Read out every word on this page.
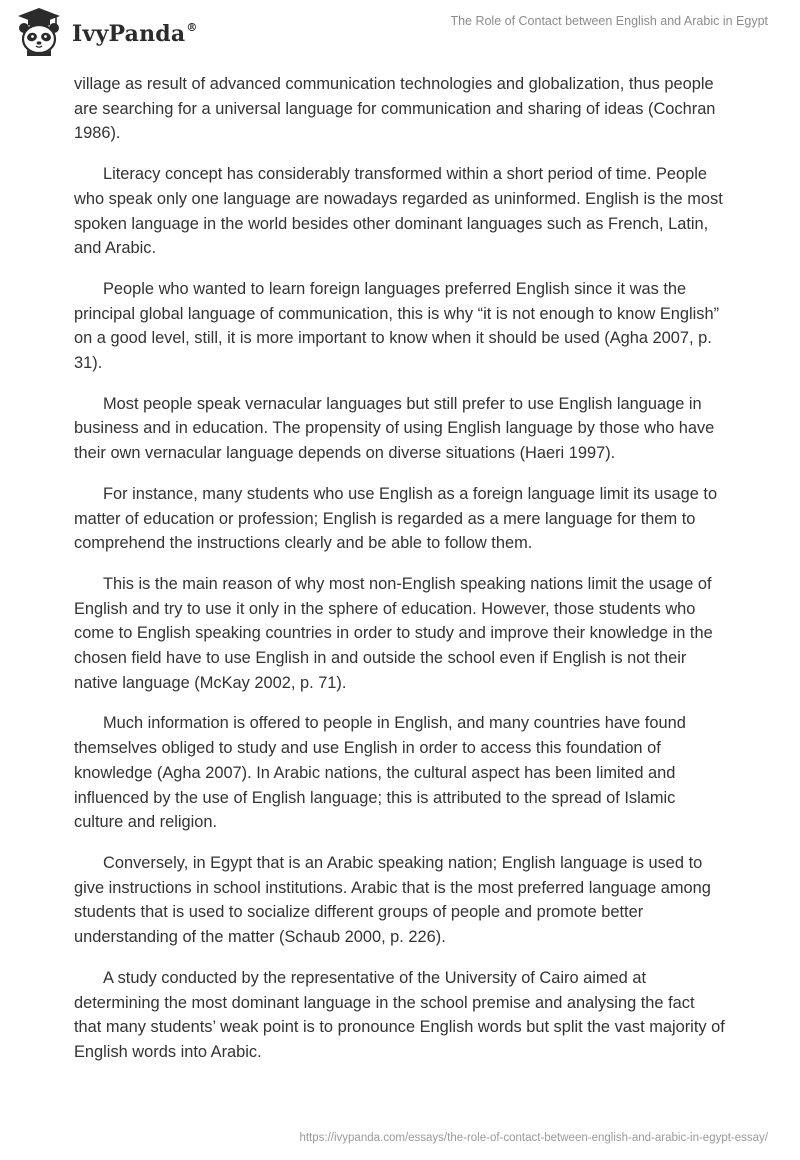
IvyPanda®	The Role of Contact between English and Arabic in Egypt

village as result of advanced communication technologies and globalization, thus people are searching for a universal language for communication and sharing of ideas (Cochran 1986).

Literacy concept has considerably transformed within a short period of time. People who speak only one language are nowadays regarded as uninformed. English is the most spoken language in the world besides other dominant languages such as French, Latin, and Arabic.

People who wanted to learn foreign languages preferred English since it was the principal global language of communication, this is why “it is not enough to know English” on a good level, still, it is more important to know when it should be used (Agha 2007, p. 31).

Most people speak vernacular languages but still prefer to use English language in business and in education. The propensity of using English language by those who have their own vernacular language depends on diverse situations (Haeri 1997).

For instance, many students who use English as a foreign language limit its usage to matter of education or profession; English is regarded as a mere language for them to comprehend the instructions clearly and be able to follow them.

This is the main reason of why most non-English speaking nations limit the usage of English and try to use it only in the sphere of education. However, those students who come to English speaking countries in order to study and improve their knowledge in the chosen field have to use English in and outside the school even if English is not their native language (McKay 2002, p. 71).

Much information is offered to people in English, and many countries have found themselves obliged to study and use English in order to access this foundation of knowledge (Agha 2007). In Arabic nations, the cultural aspect has been limited and influenced by the use of English language; this is attributed to the spread of Islamic culture and religion.

Conversely, in Egypt that is an Arabic speaking nation; English language is used to give instructions in school institutions. Arabic that is the most preferred language among students that is used to socialize different groups of people and promote better understanding of the matter (Schaub 2000, p. 226).

A study conducted by the representative of the University of Cairo aimed at determining the most dominant language in the school premise and analysing the fact that many students’ weak point is to pronounce English words but split the vast majority of English words into Arabic.

https://ivypanda.com/essays/the-role-of-contact-between-english-and-arabic-in-egypt-essay/
